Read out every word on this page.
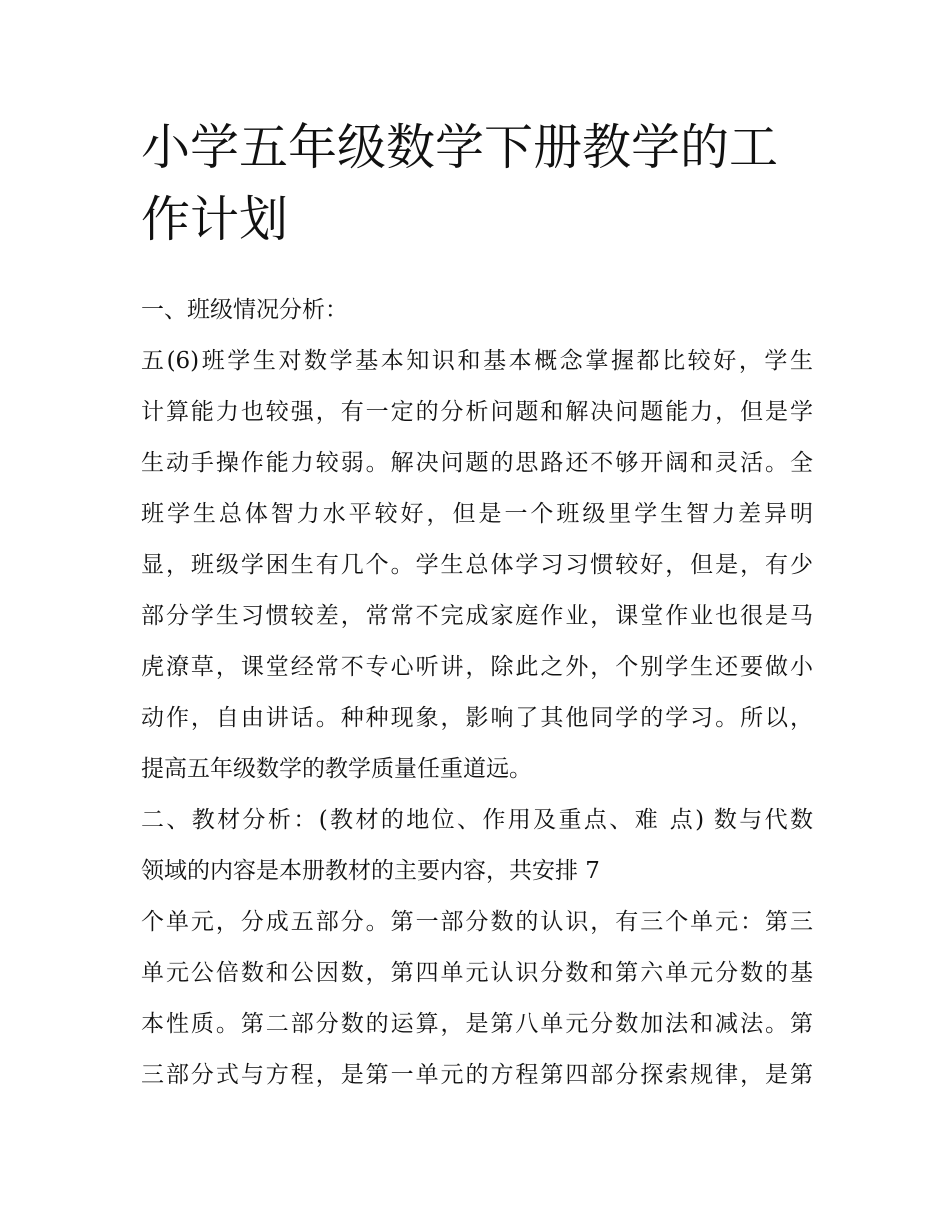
小学五年级数学下册教学的工
作计划
一、班级情况分析：
五(6)班学生对数学基本知识和基本概念掌握都比较好，学生
计算能力也较强，有一定的分析问题和解决问题能力，但是学
生动手操作能力较弱。解决问题的思路还不够开阔和灵活。全
班学生总体智力水平较好，但是一个班级里学生智力差异明
显，班级学困生有几个。学生总体学习习惯较好，但是，有少
部分学生习惯较差，常常不完成家庭作业，课堂作业也很是马
虎潦草，课堂经常不专心听讲，除此之外，个别学生还要做小
动作，自由讲话。种种现象，影响了其他同学的学习。所以，
提高五年级数学的教学质量任重道远。
二、教材分析：(教材的地位、作用及重点、难 点) 数与代数
领域的内容是本册教材的主要内容，共安排 7
个单元，分成五部分。第一部分数的认识，有三个单元：第三
单元公倍数和公因数，第四单元认识分数和第六单元分数的基
本性质。第二部分数的运算，是第八单元分数加法和减法。第
三部分式与方程，是第一单元的方程第四部分探索规律，是第
